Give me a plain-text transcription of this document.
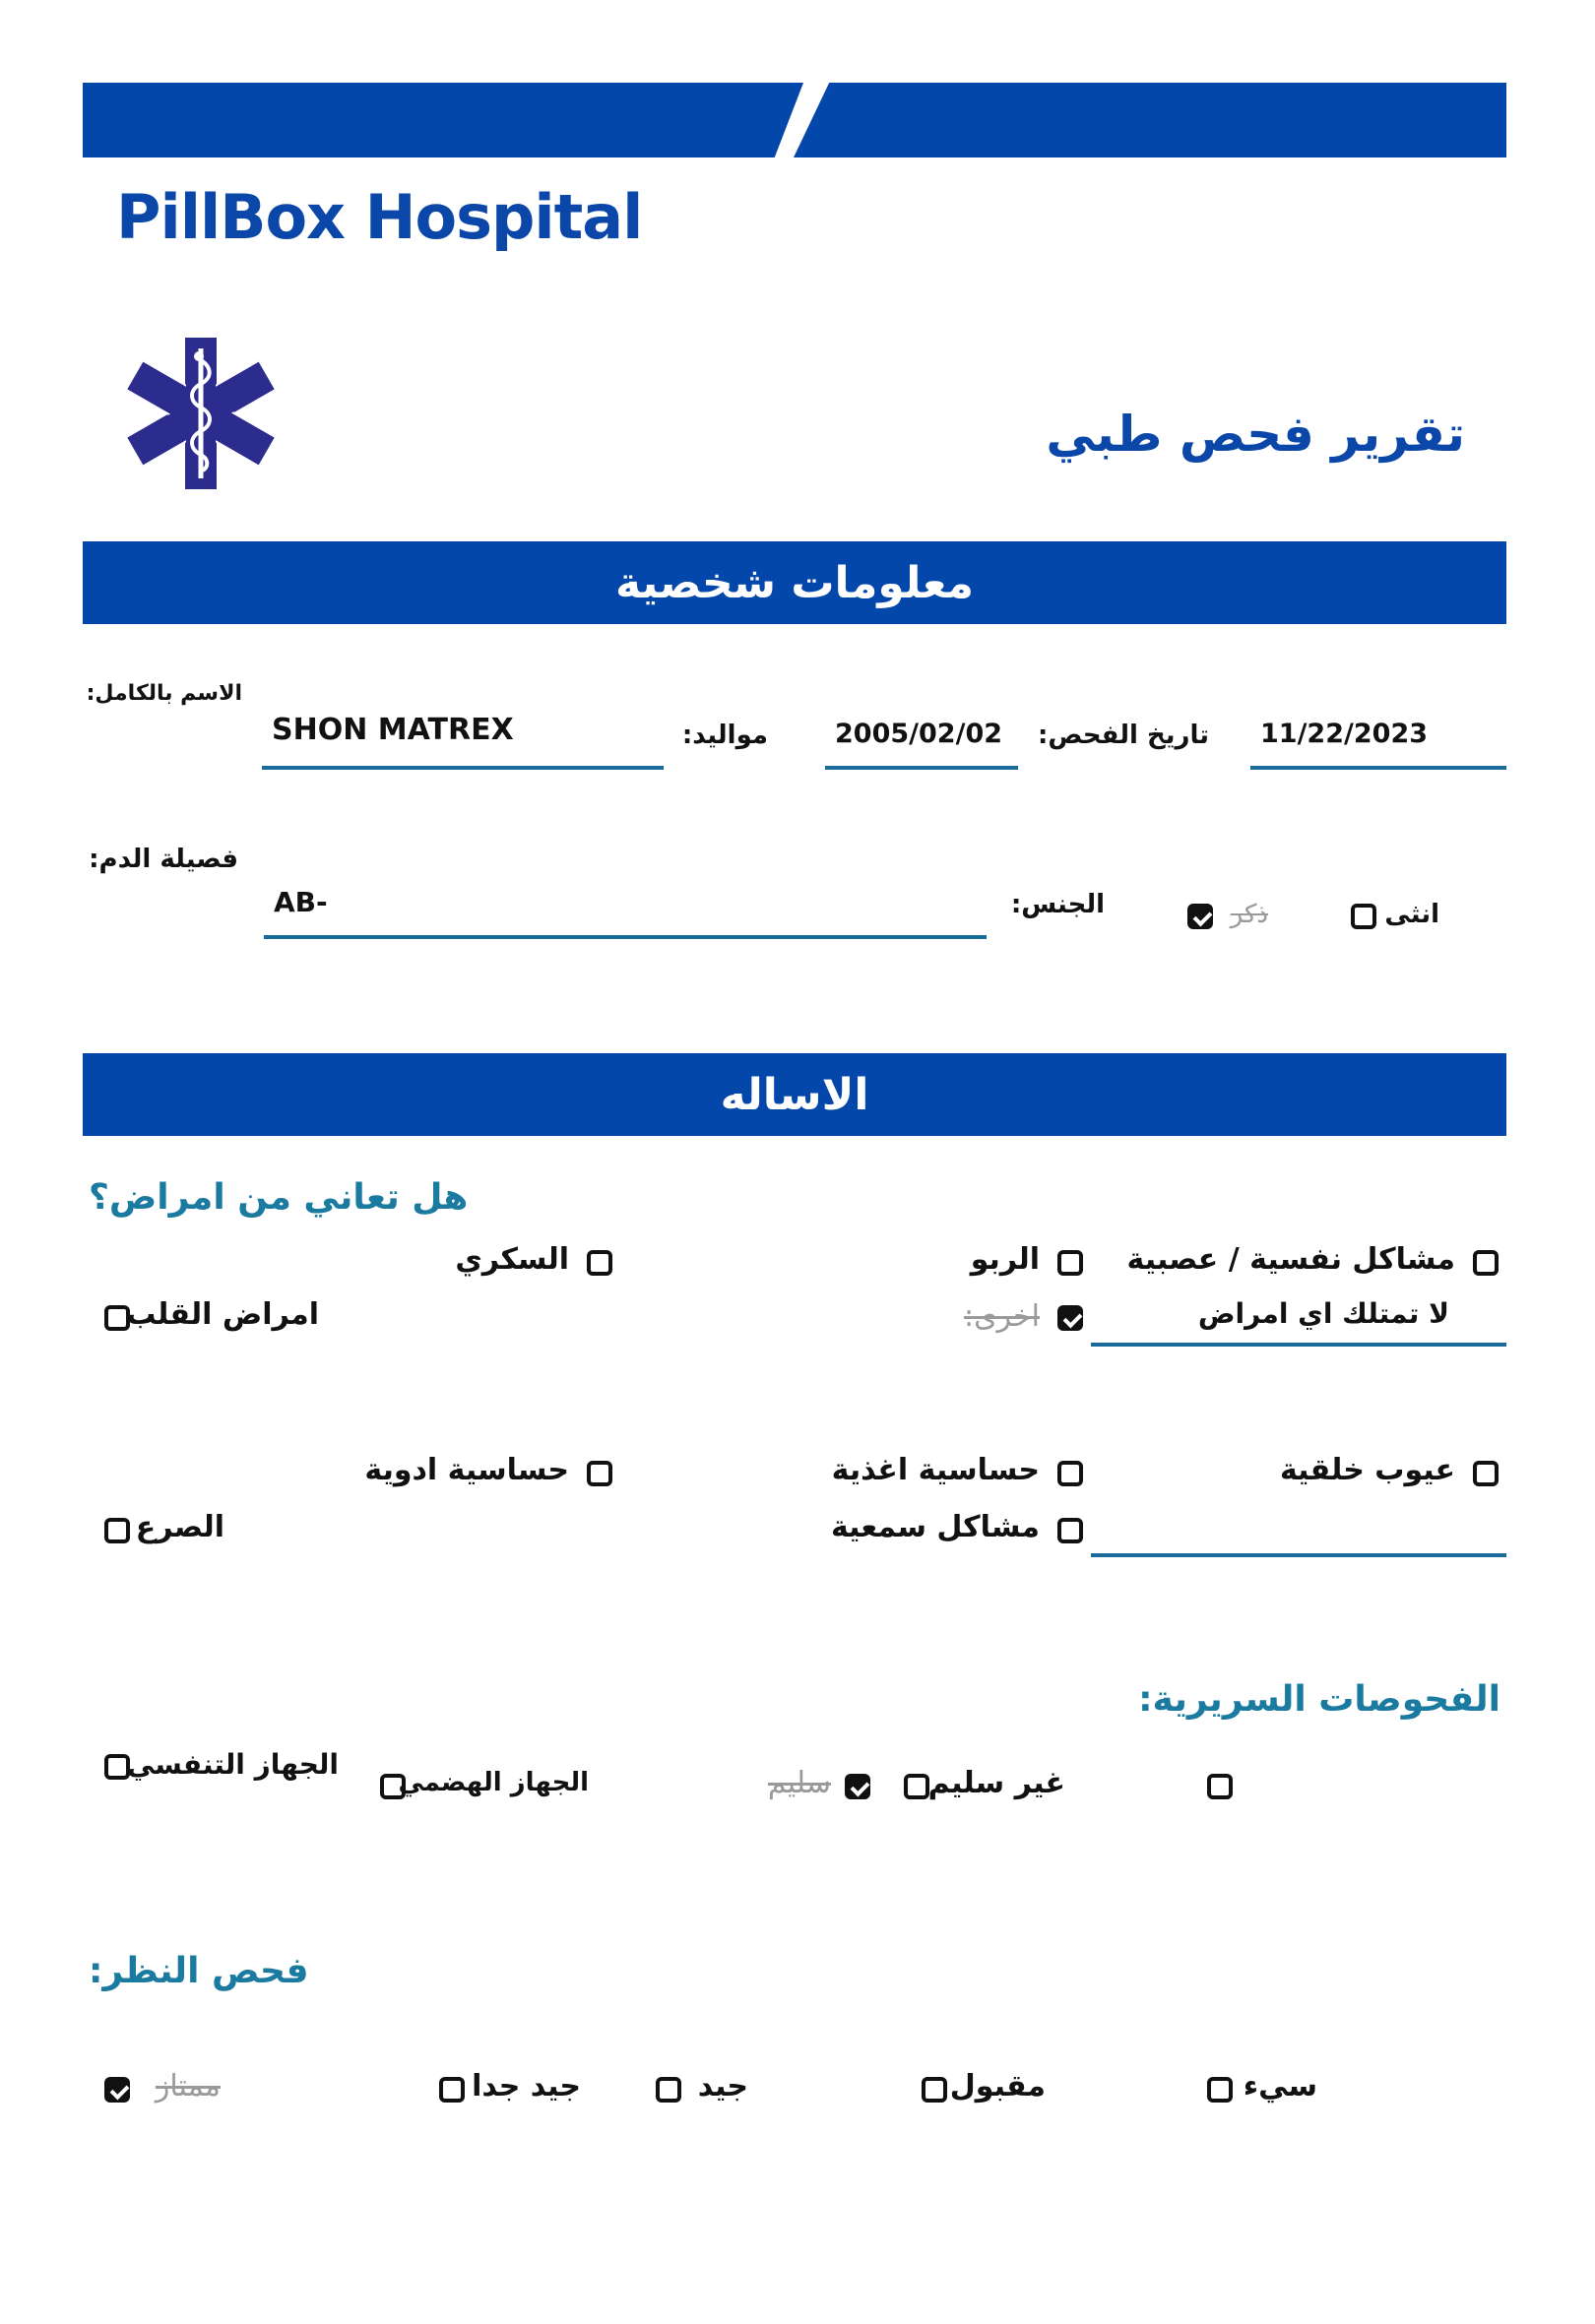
PillBox Hospital
تقرير فحص طبي
معلومات شخصية
الاسم بالكامل:
SHON MATREX	مواليد:	2005/02/02 تاريخ الفحص: 11/22/2023
فصيلة الدم:
AB-	الجنس:	ذكر	انثى
الاساله
هل تعاني من امراض؟
مشاكل نفسية / عصبية
الربو
السكري
لا تمتلك اي امراض
اخرى:
امراض القلب
عيوب خلقية
حساسية اغذية
حساسية ادوية
مشاكل سمعية
الصرع
الفحوصات السريرية:
غير سليم
سليم
الجهاز الهضمي
الجهاز التنفسي
فحص النظر:
سيء
مقبول
جيد
جيد جدا
ممتاز
